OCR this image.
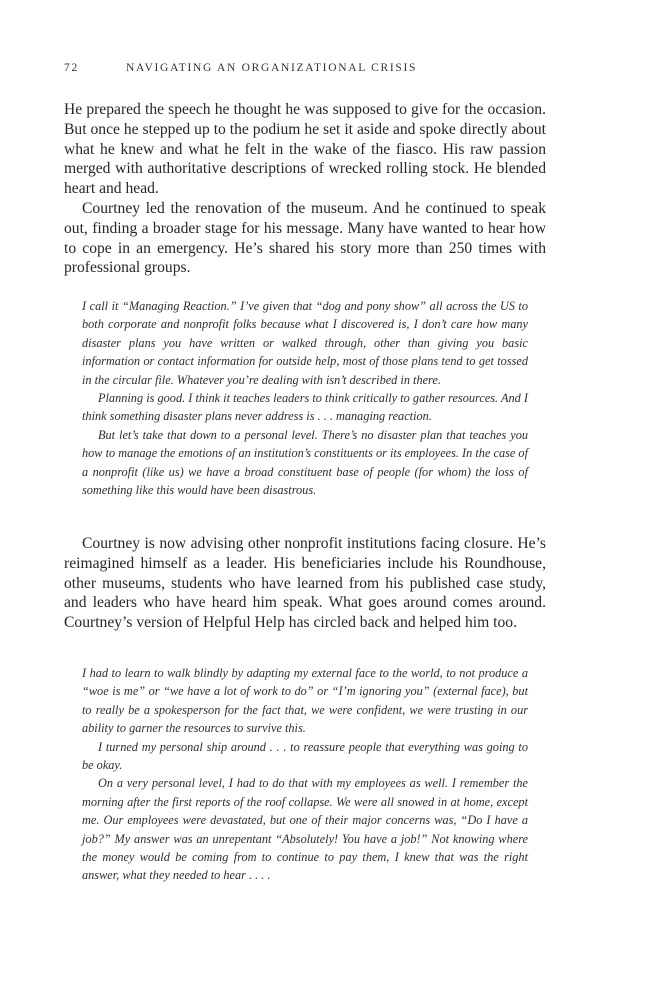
72	NAVIGATING AN ORGANIZATIONAL CRISIS

He prepared the speech he thought he was supposed to give for the occasion. But once he stepped up to the podium he set it aside and spoke directly about what he knew and what he felt in the wake of the fiasco. His raw passion merged with authoritative descriptions of wrecked rolling stock. He blended heart and head.

Courtney led the renovation of the museum. And he continued to speak out, finding a broader stage for his message. Many have wanted to hear how to cope in an emergency. He’s shared his story more than 250 times with professional groups.

I call it “Managing Reaction.” I’ve given that “dog and pony show” all across the US to both corporate and nonprofit folks because what I discovered is, I don’t care how many disaster plans you have written or walked through, other than giving you basic information or contact information for outside help, most of those plans tend to get tossed in the circular file. Whatever you’re dealing with isn’t described in there.

Planning is good. I think it teaches leaders to think critically to gather resources. And I think something disaster plans never address is . . . managing reaction.

But let’s take that down to a personal level. There’s no disaster plan that teaches you how to manage the emotions of an institution’s constituents or its employees. In the case of a nonprofit (like us) we have a broad constituent base of people (for whom) the loss of something like this would have been disastrous.

Courtney is now advising other nonprofit institutions facing closure. He’s reimagined himself as a leader. His beneficiaries include his Roundhouse, other museums, students who have learned from his published case study, and leaders who have heard him speak. What goes around comes around. Courtney’s version of Helpful Help has circled back and helped him too.

I had to learn to walk blindly by adapting my external face to the world, to not produce a “woe is me” or “we have a lot of work to do” or “I’m ignoring you” (external face), but to really be a spokesperson for the fact that, we were confident, we were trusting in our ability to garner the resources to survive this.

I turned my personal ship around . . . to reassure people that everything was going to be okay.

On a very personal level, I had to do that with my employees as well. I remember the morning after the first reports of the roof collapse. We were all snowed in at home, except me. Our employees were devastated, but one of their major concerns was, “Do I have a job?” My answer was an unrepentant “Absolutely! You have a job!” Not knowing where the money would be coming from to continue to pay them, I knew that was the right answer, what they needed to hear . . . .
